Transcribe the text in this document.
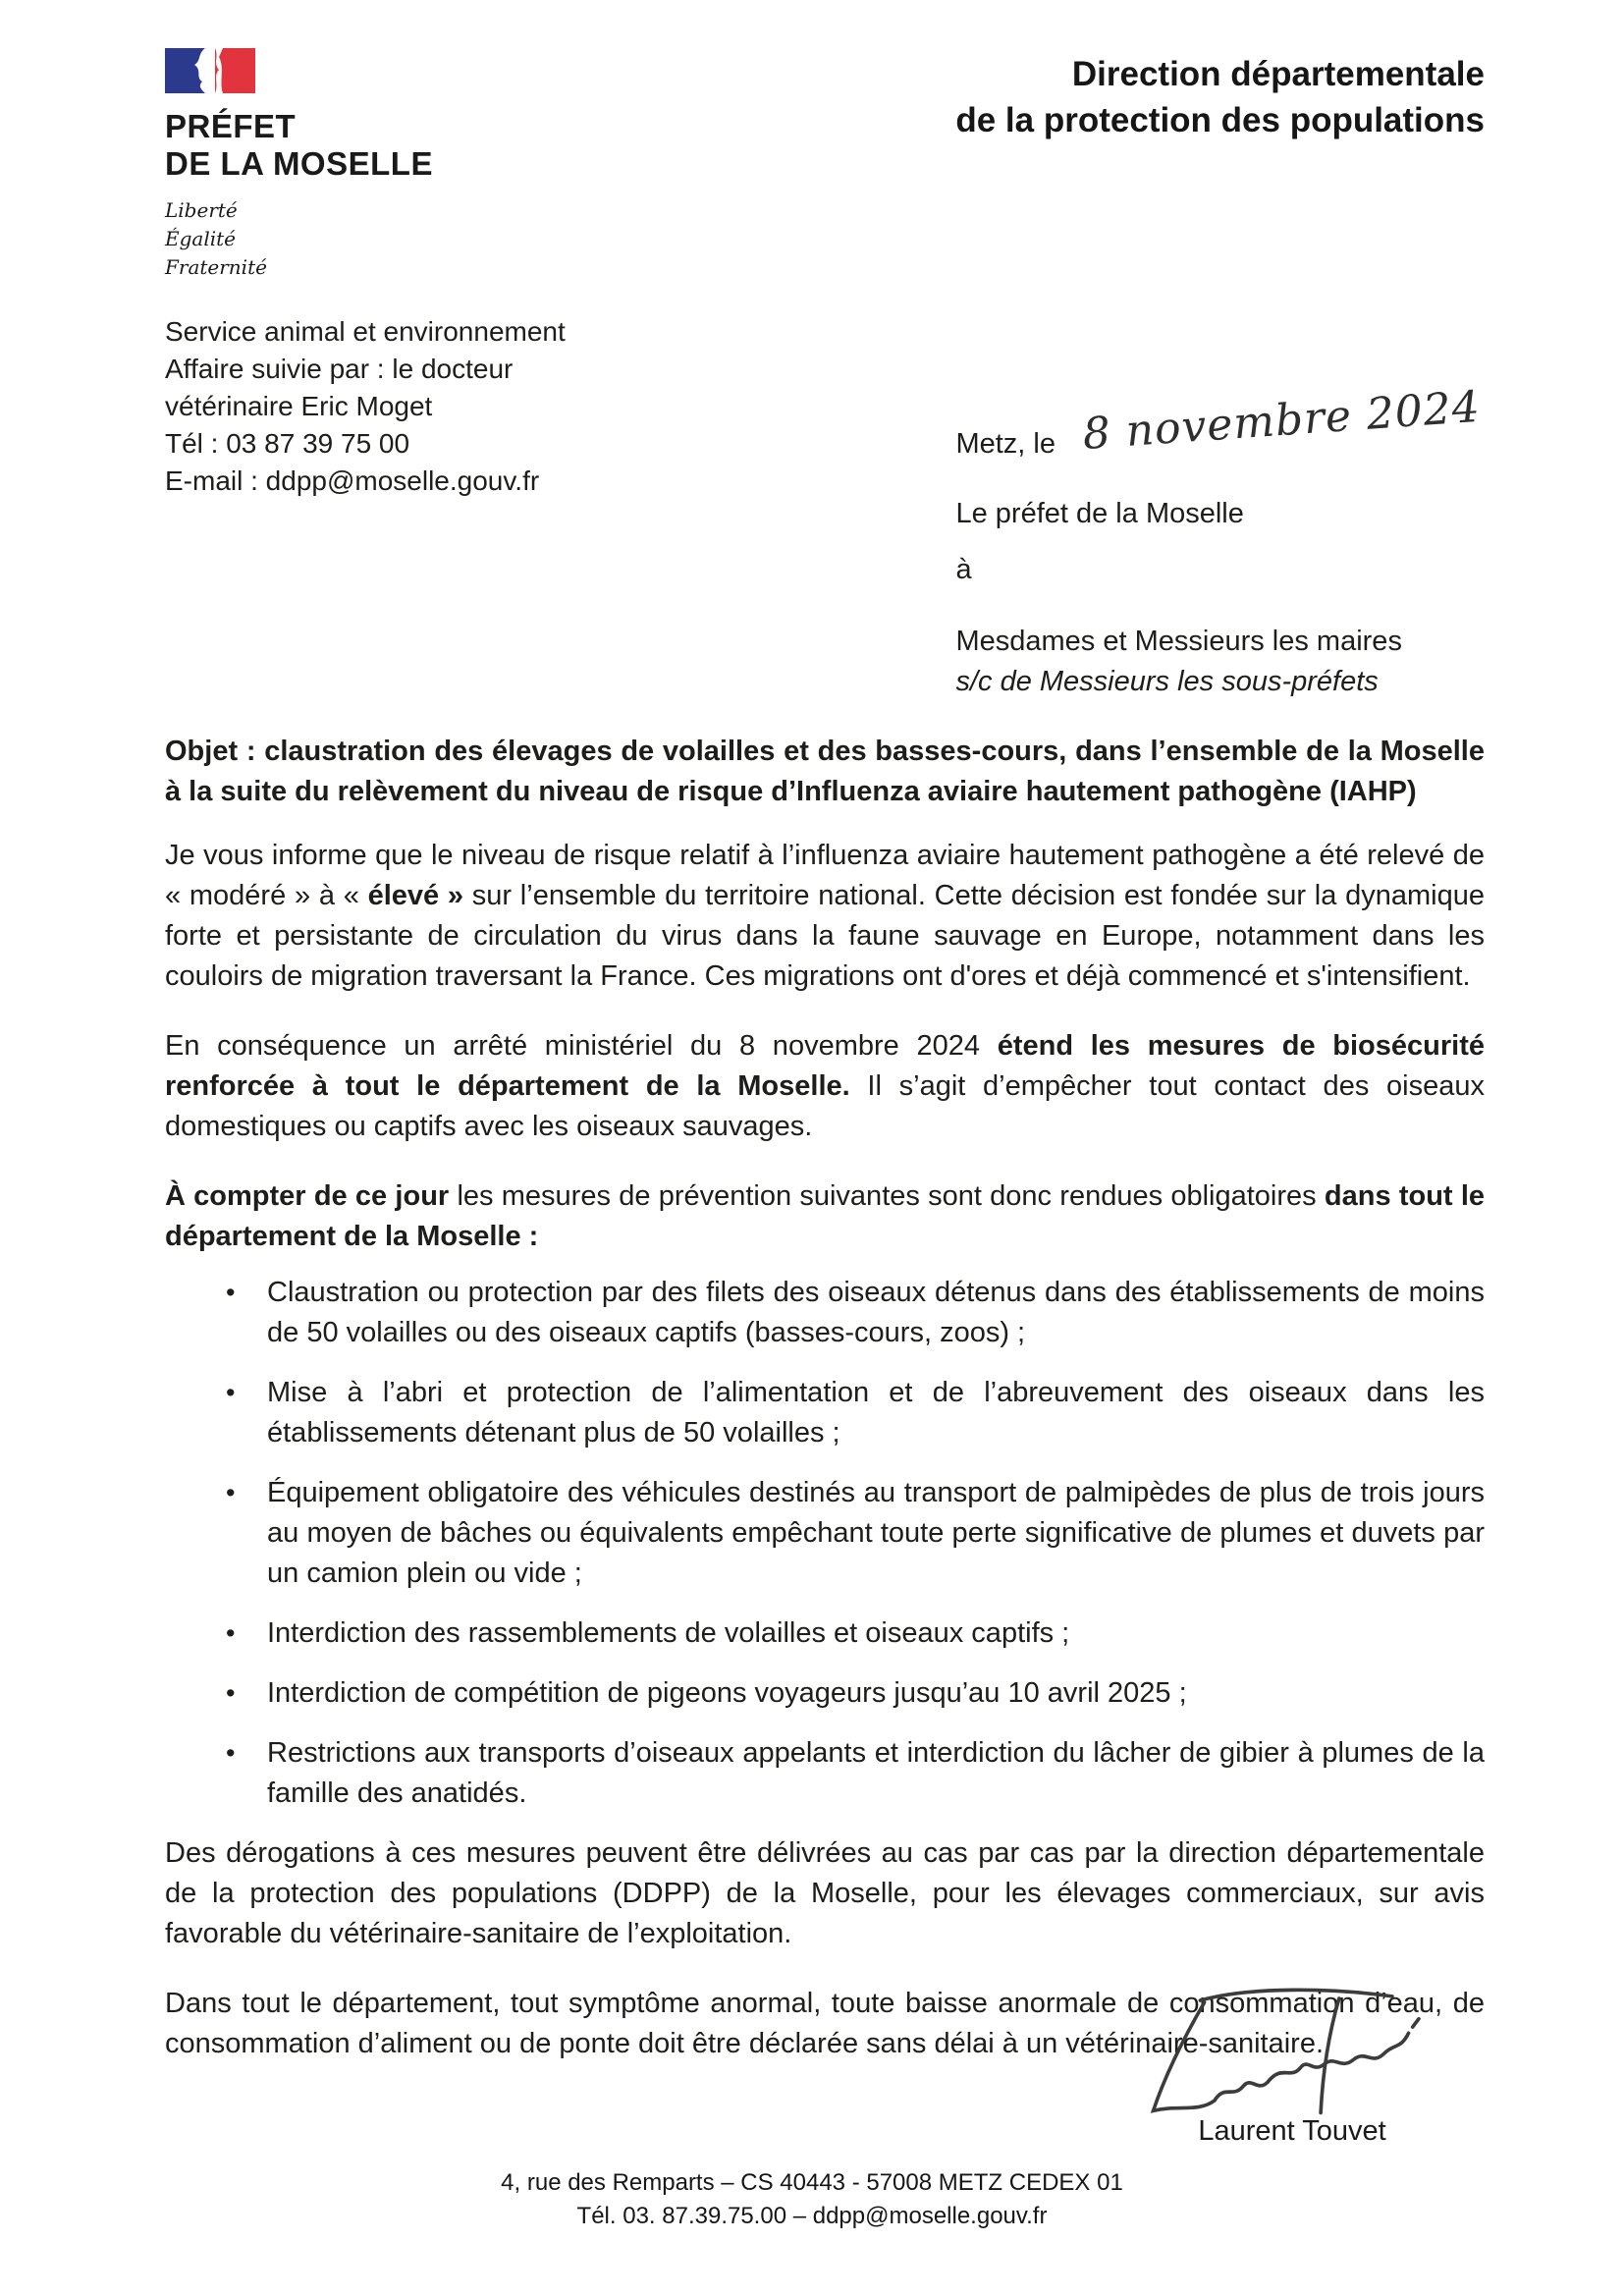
PRÉFET
DE LA MOSELLE
Liberté
Égalité
Fraternité
Direction départementale
de la protection des populations
Service animal et environnement
Affaire suivie par : le docteur
vétérinaire Eric Moget
Tél : 03 87 39 75 00
E-mail : ddpp@moselle.gouv.fr
Metz, le 8 novembre 2024
Le préfet de la Moselle
à
Mesdames et Messieurs les maires
s/c de Messieurs les sous-préfets

Objet : claustration des élevages de volailles et des basses-cours, dans l’ensemble de la Moselle à la suite du relèvement du niveau de risque d’Influenza aviaire hautement pathogène (IAHP)

Je vous informe que le niveau de risque relatif à l’influenza aviaire hautement pathogène a été relevé de « modéré » à « élevé » sur l’ensemble du territoire national. Cette décision est fondée sur la dynamique forte et persistante de circulation du virus dans la faune sauvage en Europe, notamment dans les couloirs de migration traversant la France. Ces migrations ont d'ores et déjà commencé et s'intensifient.

En conséquence un arrêté ministériel du 8 novembre 2024 étend les mesures de biosécurité renforcée à tout le département de la Moselle. Il s’agit d’empêcher tout contact des oiseaux domestiques ou captifs avec les oiseaux sauvages.

À compter de ce jour les mesures de prévention suivantes sont donc rendues obligatoires dans tout le département de la Moselle :

• Claustration ou protection par des filets des oiseaux détenus dans des établissements de moins de 50 volailles ou des oiseaux captifs (basses-cours, zoos) ;
• Mise à l’abri et protection de l’alimentation et de l’abreuvement des oiseaux dans les établissements détenant plus de 50 volailles ;
• Équipement obligatoire des véhicules destinés au transport de palmipèdes de plus de trois jours au moyen de bâches ou équivalents empêchant toute perte significative de plumes et duvets par un camion plein ou vide ;
• Interdiction des rassemblements de volailles et oiseaux captifs ;
• Interdiction de compétition de pigeons voyageurs jusqu’au 10 avril 2025 ;
• Restrictions aux transports d’oiseaux appelants et interdiction du lâcher de gibier à plumes de la famille des anatidés.

Des dérogations à ces mesures peuvent être délivrées au cas par cas par la direction départementale de la protection des populations (DDPP) de la Moselle, pour les élevages commerciaux, sur avis favorable du vétérinaire-sanitaire de l’exploitation.

Dans tout le département, tout symptôme anormal, toute baisse anormale de consommation d’eau, de consommation d’aliment ou de ponte doit être déclarée sans délai à un vétérinaire-sanitaire.

Laurent Touvet
4, rue des Remparts – CS 40443 - 57008 METZ CEDEX 01
Tél. 03. 87.39.75.00 – ddpp@moselle.gouv.fr
